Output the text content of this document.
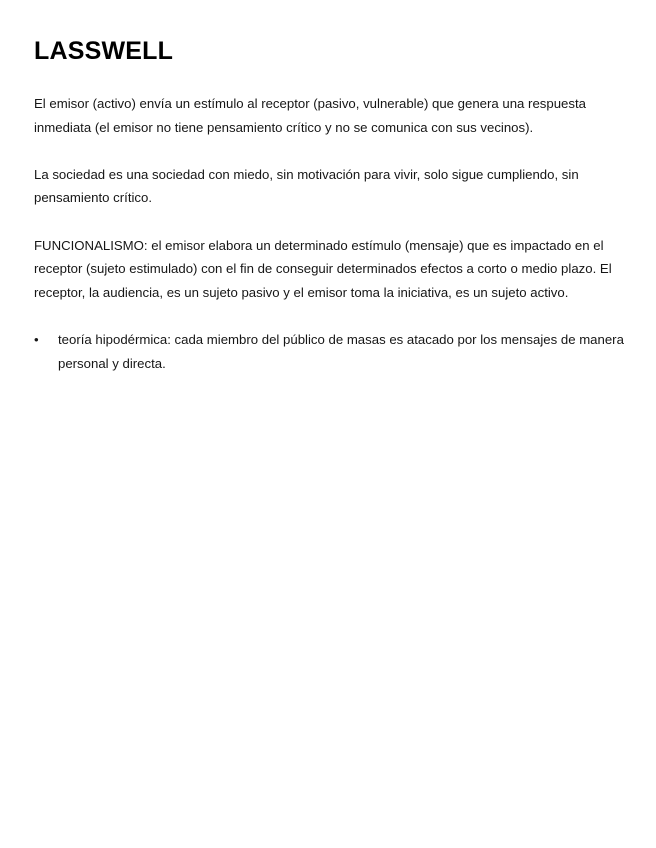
LASSWELL

El emisor (activo) envía un estímulo al receptor (pasivo, vulnerable) que genera una respuesta inmediata (el emisor no tiene pensamiento crítico y no se comunica con sus vecinos).

La sociedad es una sociedad con miedo, sin motivación para vivir, solo sigue cumpliendo, sin pensamiento crítico.

FUNCIONALISMO: el emisor elabora un determinado estímulo (mensaje) que es impactado en el receptor (sujeto estimulado) con el fin de conseguir determinados efectos a corto o medio plazo. El receptor, la audiencia, es un sujeto pasivo y el emisor toma la iniciativa, es un sujeto activo.

• teoría hipodérmica: cada miembro del público de masas es atacado por los mensajes de manera personal y directa.
